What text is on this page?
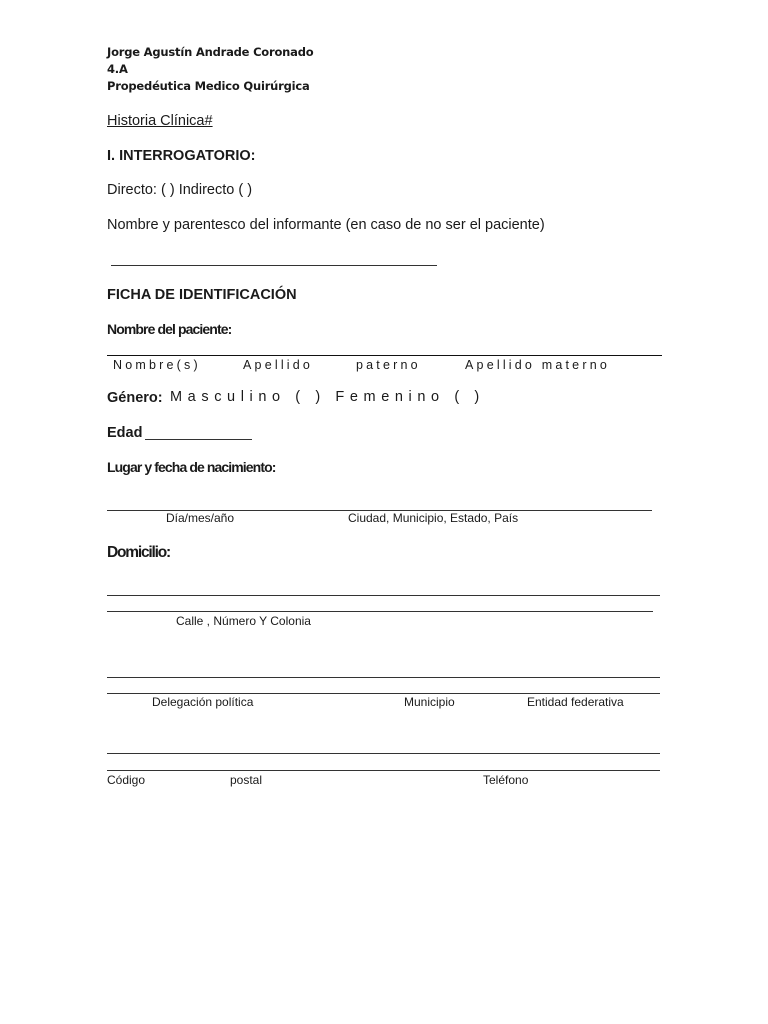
Jorge Agustín Andrade Coronado
4.A
Propedéutica Medico Quirúrgica
Historia Clínica#
I. INTERROGATORIO:
Directo: ( ) Indirecto ( )
Nombre y parentesco del informante (en caso de no ser el paciente)
FICHA DE IDENTIFICACIÓN
Nombre del paciente:
Nombre(s)	Apellido	paterno	Apellido materno
Género: Masculino ( ) Femenino ( )
Edad
Lugar y fecha de nacimiento:
Día/mes/año	Ciudad, Municipio, Estado, País
Domicilio:
Calle , Número Y Colonia
Delegación política	Municipio	Entidad federativa
Código	postal	Teléfono
